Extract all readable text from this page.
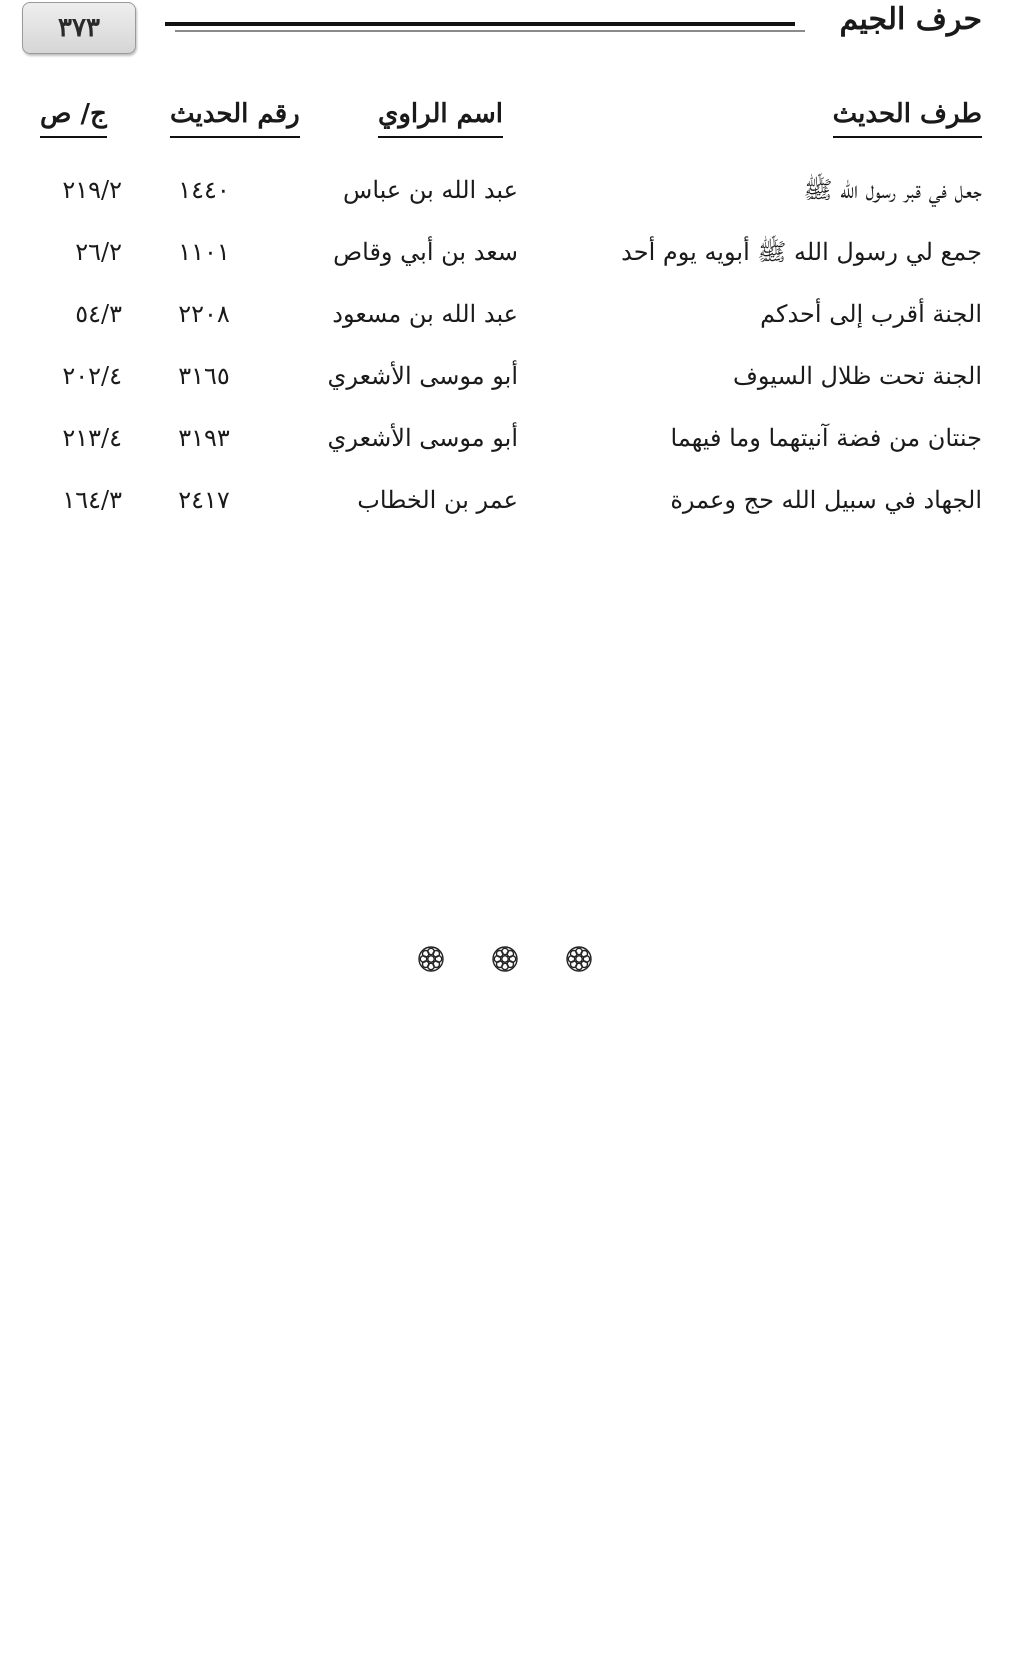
٣٧٣	حرف الجيم
طرف الحديث
اسم الراوي
رقم الحديث
ج/ ص
جعل في قبر رسول الله ﷺ
عبد الله بن عباس
١٤٤٠
٢١٩/٢
جمع لي رسول الله ﷺ أبويه يوم أحد
سعد بن أبي وقاص
١١٠١
٢٦/٢
الجنة أقرب إلى أحدكم
عبد الله بن مسعود
٢٢٠٨
٥٤/٣
الجنة تحت ظلال السيوف
أبو موسى الأشعري
٣١٦٥
٢٠٢/٤
جنتان من فضة آنيتهما وما فيهما
أبو موسى الأشعري
٣١٩٣
٢١٣/٤
الجهاد في سبيل الله حج وعمرة
عمر بن الخطاب
٢٤١٧
١٦٤/٣
